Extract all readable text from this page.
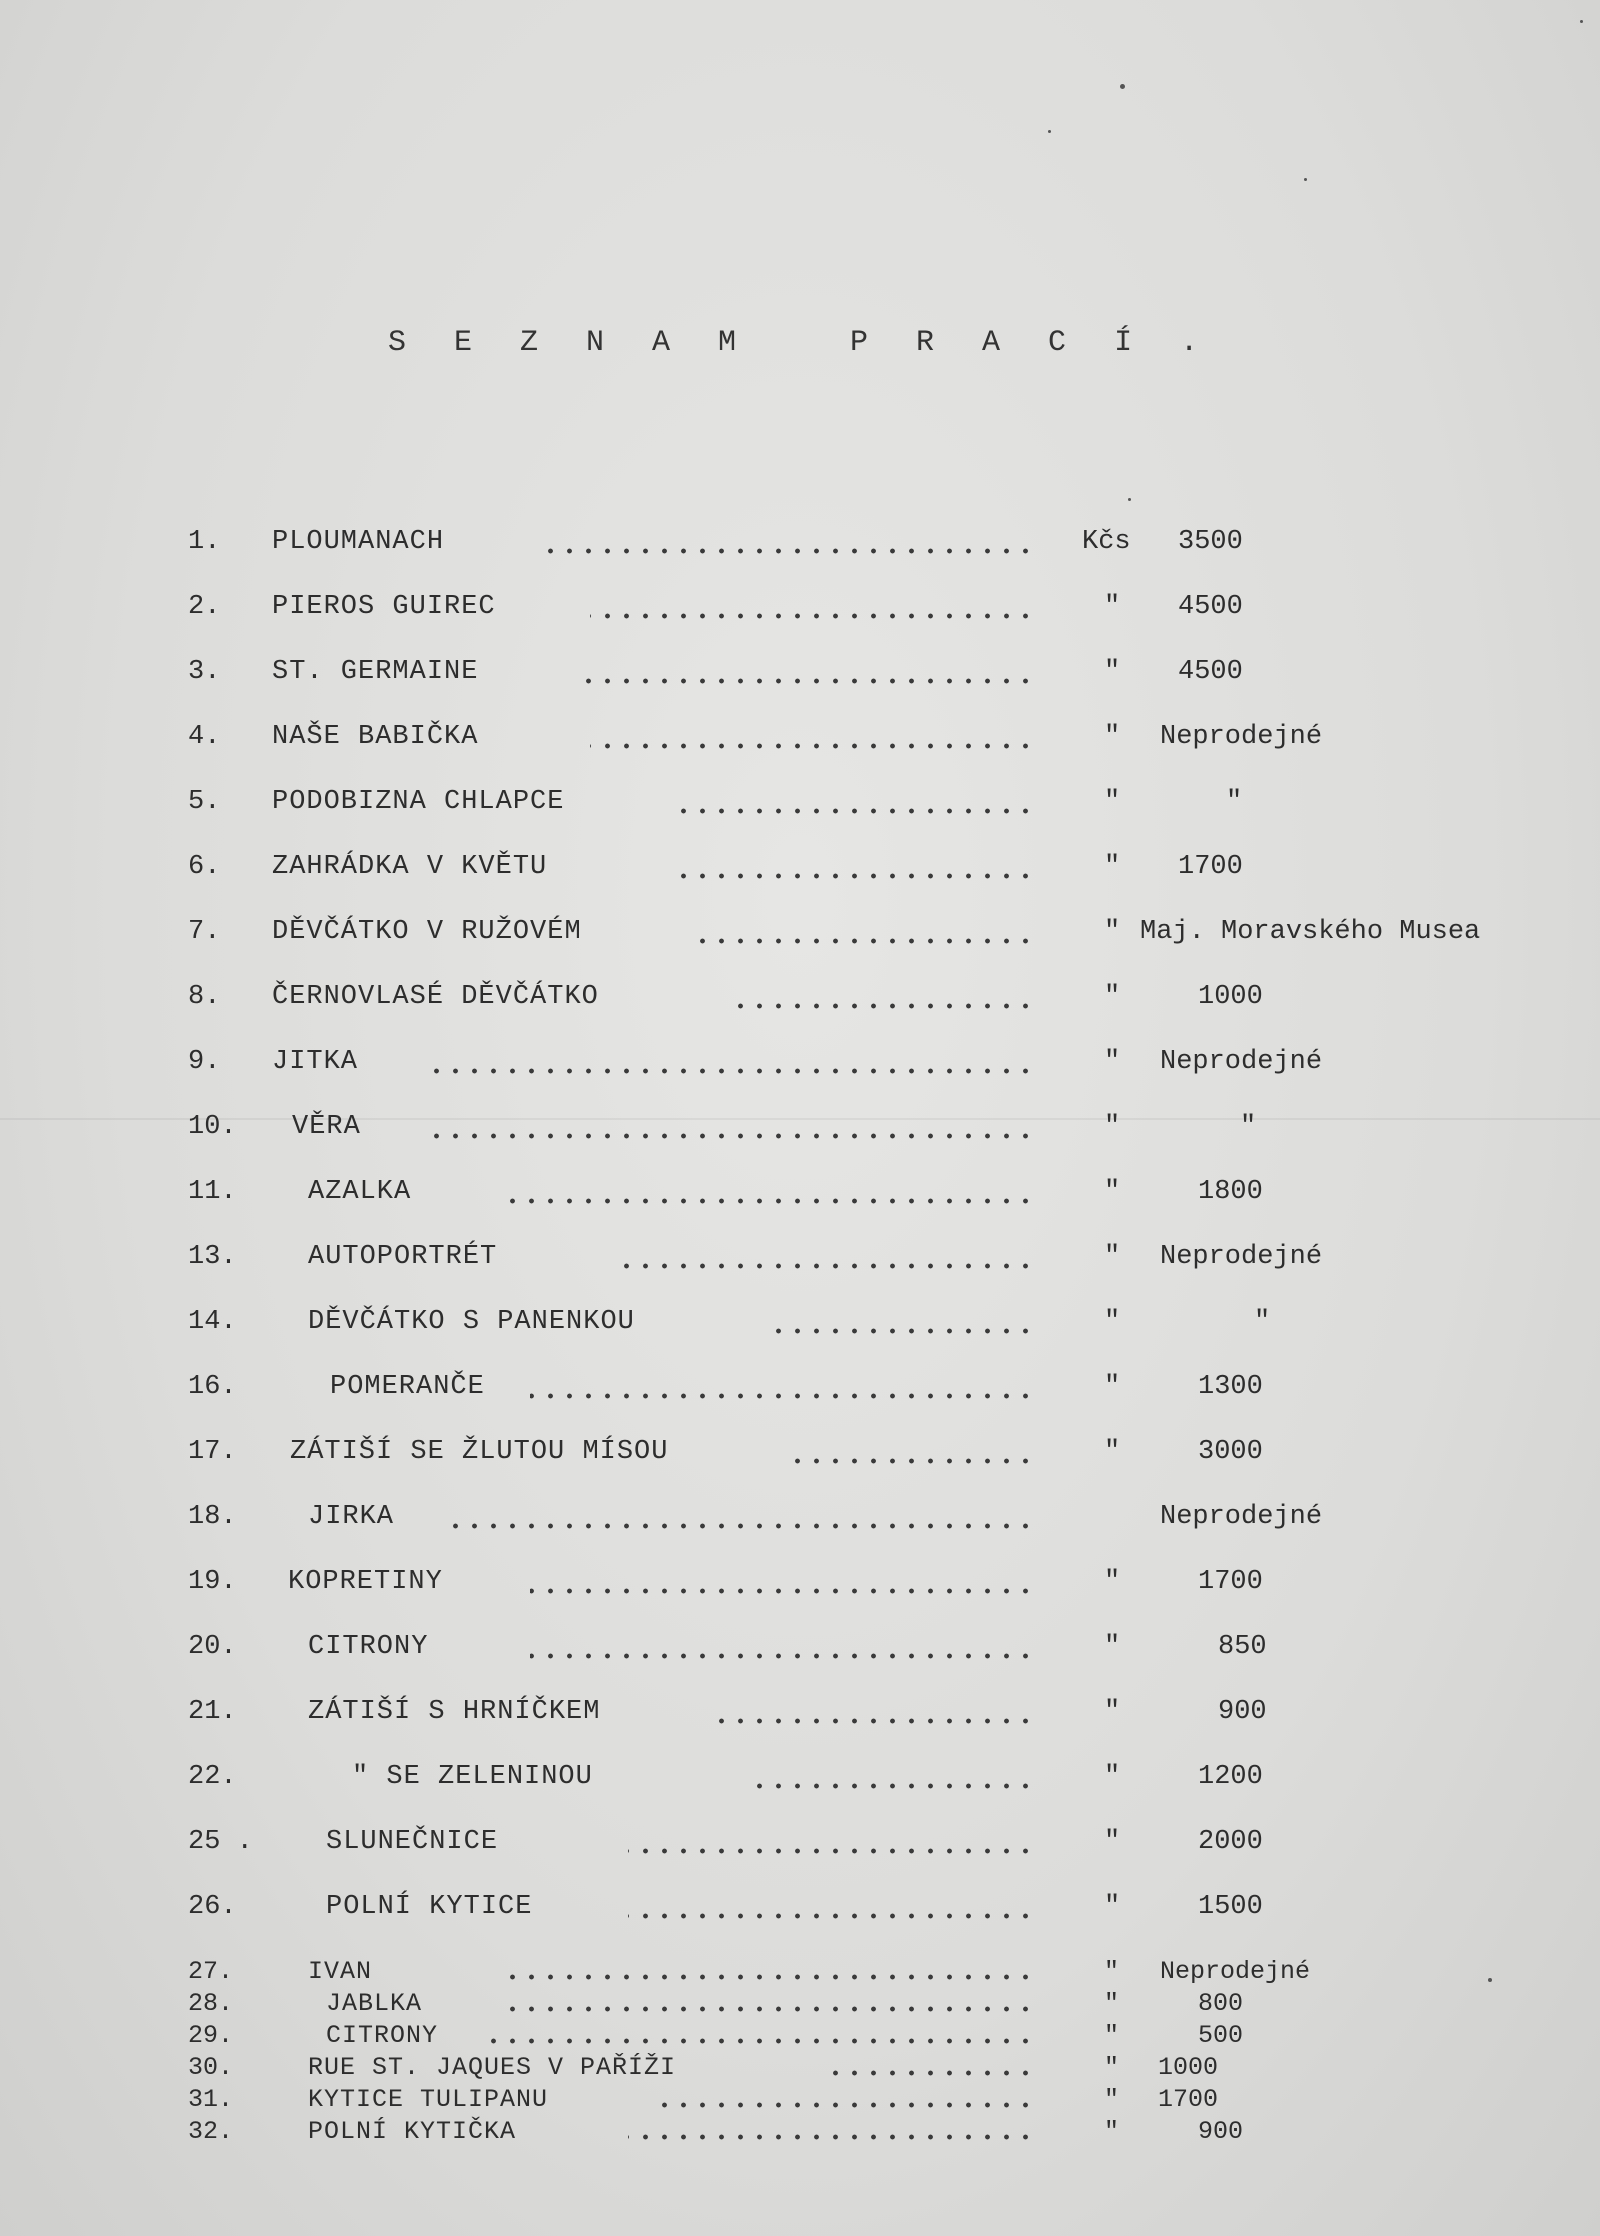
S E Z N A M   P R A C Í .
1. PLOUMANACH	Kčs 3500
2. PIEROS GUIREC	" 4500
3. ST. GERMAINE	" 4500
4. NAŠE BABIČKA	" Neprodejné
5. PODOBIZNA CHLAPCE	"	"
6. ZAHRÁDKA V KVĚTU	" 1700
7. DĚVČÁTKO V RUŽOVÉM	" Maj. Moravského Musea
8. ČERNOVLASÉ DĚVČÁTKO	"	1000
9. JITKA	" Neprodejné
10. VĚRA	"	"
11.	AZALKA	"	1800
13.	AUTOPORTRÉT	" Neprodejné
14.	DĚVČÁTKO S PANENKOU	"	"
16.	POMERANČE	"	1300
17. ZÁTIŠÍ SE ŽLUTOU MÍSOU	"	3000
18.	JIRKA	Neprodejné
19. KOPRETINY	"	1700
20.	CITRONY	"	850
21.	ZÁTIŠÍ S HRNÍČKEM	"	900
22.	" SE ZELENINOU	"	1200
25 .	SLUNEČNICE	"	2000
26.	POLNÍ KYTICE	"	1500
27.	IVAN	" Neprodejné
28.	JABLKA	"	800
29.	CITRONY	"	500
30.	RUE ST. JAQUES V PAŘÍŽI	" 1000
31.	KYTICE TULIPANU	" 1700
32.	POLNÍ KYTIČKA	"	900
